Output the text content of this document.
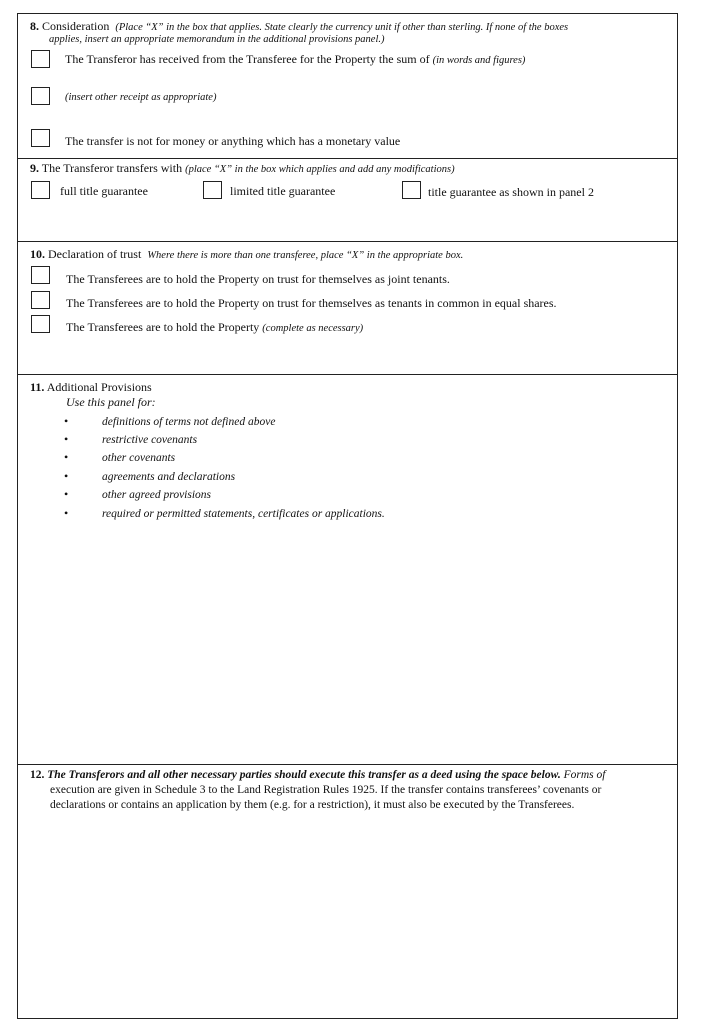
8. Consideration (Place “X” in the box that applies. State clearly the currency unit if other than sterling. If none of the boxes
applies, insert an appropriate memorandum in the additional provisions panel.)
The Transferor has received from the Transferee for the Property the sum of (in words and figures)
(insert other receipt as appropriate)
The transfer is not for money or anything which has a monetary value
9. The Transferor transfers with (place “X” in the box which applies and add any modifications)
full title guarantee	limited title guarantee	title guarantee as shown in panel 2
10. Declaration of trust Where there is more than one transferee, place “X” in the appropriate box.
The Transferees are to hold the Property on trust for themselves as joint tenants.
The Transferees are to hold the Property on trust for themselves as tenants in common in equal shares.
The Transferees are to hold the Property (complete as necessary)
11. Additional Provisions
Use this panel for:
•	definitions of terms not defined above
•	restrictive covenants
•	other covenants
•	agreements and declarations
•	other agreed provisions
•	required or permitted statements, certificates or applications.
12. The Transferors and all other necessary parties should execute this transfer as a deed using the space below. Forms of
execution are given in Schedule 3 to the Land Registration Rules 1925. If the transfer contains transferees’ covenants or
declarations or contains an application by them (e.g. for a restriction), it must also be executed by the Transferees.
